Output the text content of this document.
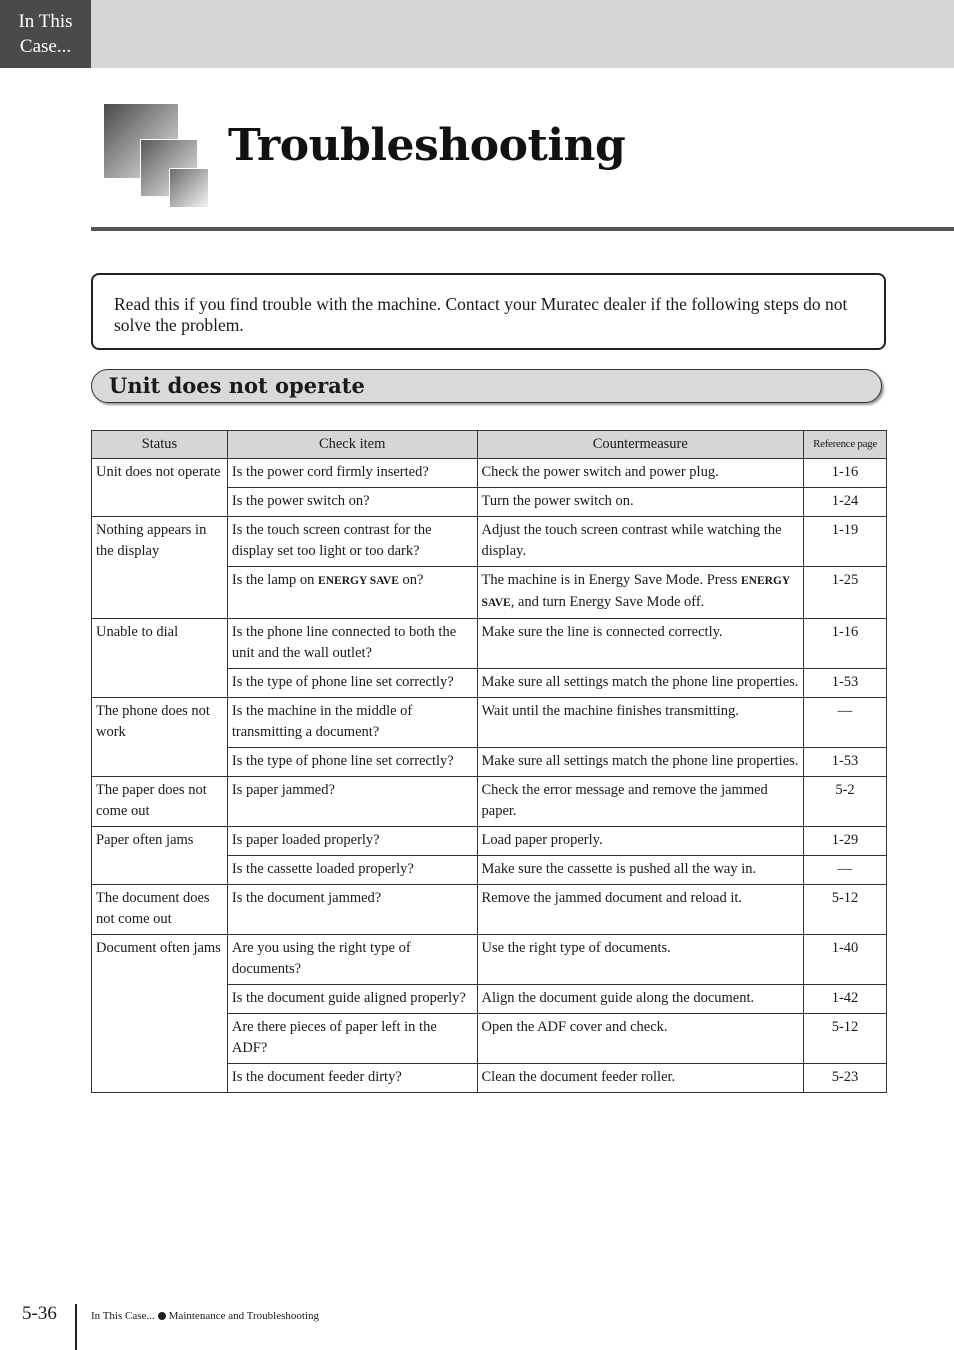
In This
Case...
Troubleshooting
Read this if you find trouble with the machine. Contact your Muratec dealer if the following steps do not solve the problem.
Unit does not operate
Status	Check item	Countermeasure	Reference page
Unit does not operate	Is the power cord firmly inserted?	Check the power switch and power plug.	1-16
	Is the power switch on?	Turn the power switch on.	1-24
Nothing appears in the display	Is the touch screen contrast for the display set too light or too dark?	Adjust the touch screen contrast while watching the display.	1-19
	Is the lamp on ENERGY SAVE on?	The machine is in Energy Save Mode. Press ENERGY SAVE, and turn Energy Save Mode off.	1-25
Unable to dial	Is the phone line connected to both the unit and the wall outlet?	Make sure the line is connected correctly.	1-16
	Is the type of phone line set correctly?	Make sure all settings match the phone line properties.	1-53
The phone does not work	Is the machine in the middle of transmitting a document?	Wait until the machine finishes transmitting.	—
	Is the type of phone line set correctly?	Make sure all settings match the phone line properties.	1-53
The paper does not come out	Is paper jammed?	Check the error message and remove the jammed paper.	5-2
Paper often jams	Is paper loaded properly?	Load paper properly.	1-29
	Is the cassette loaded properly?	Make sure the cassette is pushed all the way in.	—
The document does not come out	Is the document jammed?	Remove the jammed document and reload it.	5-12
Document often jams	Are you using the right type of documents?	Use the right type of documents.	1-40
	Is the document guide aligned properly?	Align the document guide along the document.	1-42
	Are there pieces of paper left in the ADF?	Open the ADF cover and check.	5-12
	Is the document feeder dirty?	Clean the document feeder roller.	5-23
5-36	In This Case... Maintenance and Troubleshooting
